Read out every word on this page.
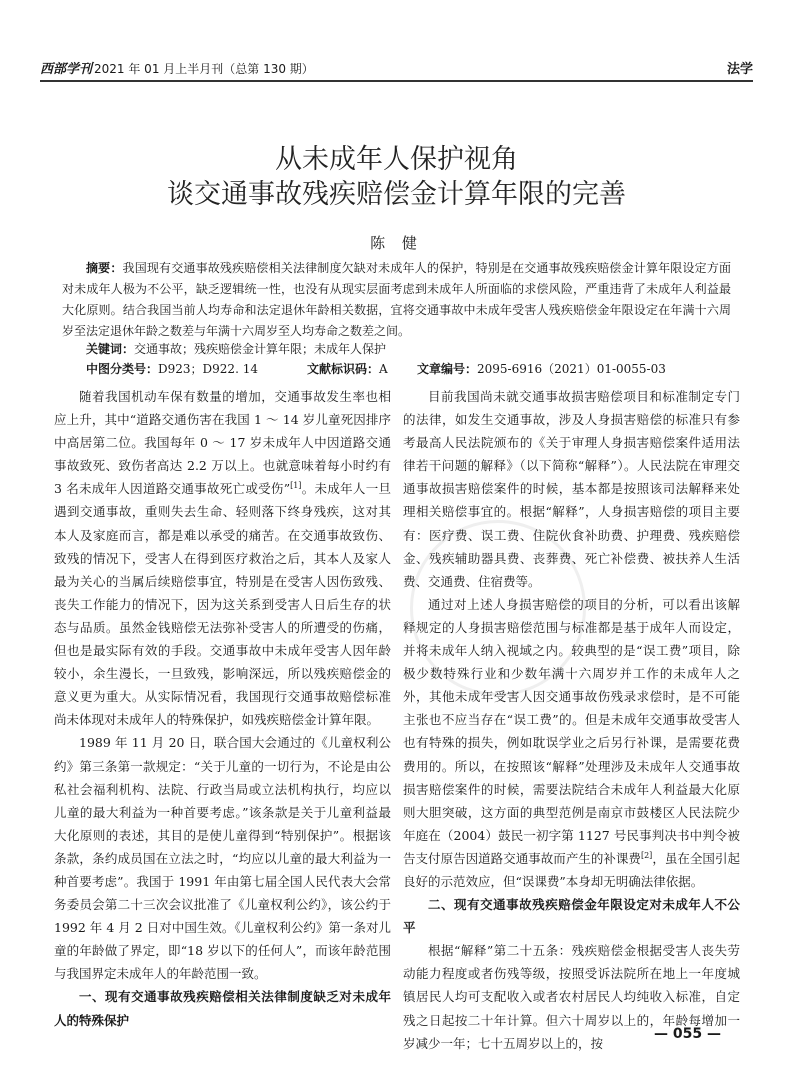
西部学刊 2021 年 01 月上半月刊（总第 130 期）	法学
从未成年人保护视角
谈交通事故残疾赔偿金计算年限的完善
陈 健
摘要：我国现有交通事故残疾赔偿相关法律制度欠缺对未成年人的保护，特别是在交通事故残疾赔偿金计算年限设定方面对未成年人极为不公平，缺乏逻辑统一性，也没有从现实层面考虑到未成年人所面临的求偿风险，严重违背了未成年人利益最大化原则。结合我国当前人均寿命和法定退休年龄相关数据，宜将交通事故中未成年受害人残疾赔偿金年限设定在年满十六周岁至法定退休年龄之数差与年满十六周岁至人均寿命之数差之间。
关键词：交通事故；残疾赔偿金计算年限；未成年人保护
中图分类号：D923；D922. 14	文献标识码：A 文章编号：2095-6916（2021）01-0055-03

随着我国机动车保有数量的增加，交通事故发生率也相应上升，其中“道路交通伤害在我国 1 ～ 14 岁儿童死因排序中高居第二位。我国每年 0 ～ 17 岁未成年人中因道路交通事故致死、致伤者高达 2.2 万以上。也就意味着每小时约有 3 名未成年人因道路交通事故死亡或受伤”[1]。未成年人一旦遇到交通事故，重则失去生命、轻则落下终身残疾，这对其本人及家庭而言，都是难以承受的痛苦。在交通事故致伤、致残的情况下，受害人在得到医疗救治之后，其本人及家人最为关心的当属后续赔偿事宜，特别是在受害人因伤致残、丧失工作能力的情况下，因为这关系到受害人日后生存的状态与品质。虽然金钱赔偿无法弥补受害人的所遭受的伤痛，但也是最实际有效的手段。交通事故中未成年受害人因年龄较小，余生漫长，一旦致残，影响深远，所以残疾赔偿金的意义更为重大。从实际情况看，我国现行交通事故赔偿标准尚未体现对未成年人的特殊保护，如残疾赔偿金计算年限。

1989 年 11 月 20 日，联合国大会通过的《儿童权利公约》第三条第一款规定：“关于儿童的一切行为，不论是由公私社会福利机构、法院、行政当局或立法机构执行，均应以儿童的最大利益为一种首要考虑。”该条款是关于儿童利益最大化原则的表述，其目的是使儿童得到“特别保护”。根据该条款，条约成员国在立法之时，“均应以儿童的最大利益为一种首要考虑”。我国于 1991 年由第七届全国人民代表大会常务委员会第二十三次会议批准了《儿童权利公约》，该公约于 1992 年 4 月 2 日对中国生效。《儿童权利公约》第一条对儿童的年龄做了界定，即“18 岁以下的任何人”，而该年龄范围与我国界定未成年人的年龄范围一致。

一、现有交通事故残疾赔偿相关法律制度缺乏对未成年人的特殊保护

目前我国尚未就交通事故损害赔偿项目和标准制定专门的法律，如发生交通事故，涉及人身损害赔偿的标准只有参考最高人民法院颁布的《关于审理人身损害赔偿案件适用法律若干问题的解释》（以下简称“解释”）。人民法院在审理交通事故损害赔偿案件的时候，基本都是按照该司法解释来处理相关赔偿事宜的。根据“解释”，人身损害赔偿的项目主要有：医疗费、误工费、住院伙食补助费、护理费、残疾赔偿金、残疾辅助器具费、丧葬费、死亡补偿费、被扶养人生活费、交通费、住宿费等。

通过对上述人身损害赔偿的项目的分析，可以看出该解释规定的人身损害赔偿范围与标准都是基于成年人而设定，并将未成年人纳入视域之内。较典型的是“误工费”项目，除极少数特殊行业和少数年满十六周岁并工作的未成年人之外，其他未成年受害人因交通事故伤残录求偿时，是不可能主张也不应当存在“误工费”的。但是未成年交通事故受害人也有特殊的损失，例如耽误学业之后另行补课，是需要花费费用的。所以，在按照该“解释”处理涉及未成年人交通事故损害赔偿案件的时候，需要法院结合未成年人利益最大化原则大胆突破，这方面的典型范例是南京市鼓楼区人民法院少年庭在（2004）鼓民一初字第 1127 号民事判决书中判令被告支付原告因道路交通事故而产生的补课费[2]，虽在全国引起良好的示范效应，但“误课费”本身却无明确法律依据。

二、现有交通事故残疾赔偿金年限设定对未成年人不公平

根据“解释”第二十五条：残疾赔偿金根据受害人丧失劳动能力程度或者伤残等级，按照受诉法院所在地上一年度城镇居民人均可支配收入或者农村居民人均纯收入标准，自定残之日起按二十年计算。但六十周岁以上的，年龄每增加一岁减少一年；七十五周岁以上的，按

— 055 —
